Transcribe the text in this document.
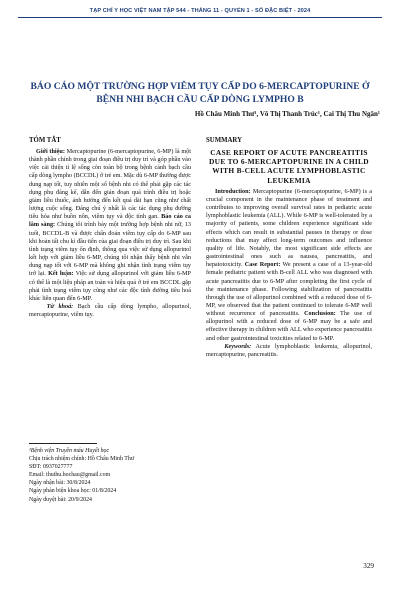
TẠP CHÍ Y HỌC VIỆT NAM TẬP 544 - THÁNG 11 - QUYỂN 1 - SỐ ĐẶC BIỆT - 2024
BÁO CÁO MỘT TRƯỜNG HỢP VIÊM TỤY CẤP DO 6-MERCAPTOPURINE Ở BỆNH NHI BẠCH CẦU CẤP DÒNG LYMPHO B
Hồ Châu Minh Thư¹, Võ Thị Thanh Trúc¹, Cai Thị Thu Ngân¹
TÓM TẮT

Giới thiệu: Mercaptopurine (6-mercaptopurine, 6-MP) là một thành phần chính trong giai đoạn điều trị duy trì và góp phần vào việc cải thiện tỉ lệ sống còn toàn bộ trong bệnh cảnh bạch cầu cấp dòng lympho (BCCDL) ở trẻ em. Mặc dù 6-MP thường được dung nạp tốt, tuy nhiên một số bệnh nhi có thể phải gặp các tác dụng phụ đáng kể, dẫn đến gián đoạn quá trình điều trị hoặc giảm liều thuốc, ảnh hưởng đến kết quả dài hạn cũng như chất lượng cuộc sống. Đáng chú ý nhất là các tác dụng phụ đường tiêu hóa như buồn nôn, viêm tụy và độc tính gan. Báo cáo ca lâm sàng: Chúng tôi trình bày một trường hợp bệnh nhi nữ, 13 tuổi, BCCDL-B và được chẩn đoán viêm tụy cấp do 6-MP sau khi hoàn tất chu kì đầu tiên của giai đoạn điều trị duy trì. Sau khi tình trạng viêm tụy ổn định, thông qua việc sử dụng allopurinol kết hợp với giảm liều 6-MP, chúng tôi nhận thấy bệnh nhi vẫn dung nạp tốt với 6-MP mà không ghi nhận tình trạng viêm tụy trở lại. Kết luận: Việc sử dụng allopurinol với giảm liều 6-MP có thể là một liệu pháp an toàn và hiệu quả ở trẻ em BCCDL gặp phải tình trạng viêm tụy cũng như các độc tính đường tiêu hoá khác liên quan đến 6-MP.

Từ khoá: Bạch cầu cấp dòng lympho, allopurinol, mercaptopurine, viêm tụy.

SUMMARY
CASE REPORT OF ACUTE PANCREATITIS DUE TO 6-MERCAPTOPURINE IN A CHILD WITH B-CELL ACUTE LYMPHOBLASTIC LEUKEMIA

Introduction: Mercaptopurine (6-mercaptopurine, 6-MP) is a crucial component in the maintenance phase of treatment and contributes to improving overall survival rates in pediatric acute lymphoblastic leukemia (ALL). While 6-MP is well-tolerated by a majority of patients, some children experience significant side effects which can result in substantial pauses in therapy or dose reductions that may affect long-term outcomes and influence quality of life. Notably, the most significant side effects are gastrointestinal ones such as nausea, pancreatitis, and hepatotoxicity. Case Report: We present a case of a 13-year-old female pediatric patient with B-cell ALL who was diagnosed with acute pancreatitis due to 6-MP after completing the first cycle of the maintenance phase. Following stabilization of pancreatitis through the use of allopurinol combined with a reduced dose of 6-MP, we observed that the patient continued to tolerate 6-MP well without recurrence of pancreatitis. Conclusion: The use of allopurinol with a reduced dose of 6-MP may be a safe and effective therapy in children with ALL who experience pancreatitis and other gastrointestinal toxicities related to 6-MP.

Keywords: Acute lymphoblastic leukemia, allopurinol, mercaptopurine, pancreatitis.

¹Bệnh viện Truyền máu Huyết học
Chịu trách nhiệm chính: Hồ Châu Minh Thư
SĐT: 0937027777
Email: thuthu.hochau@gmail.com
Ngày nhận bài: 30/8/2024
Ngày phản biện khoa học: 01/8/2024
Ngày duyệt bài: 20/9/2024
329
